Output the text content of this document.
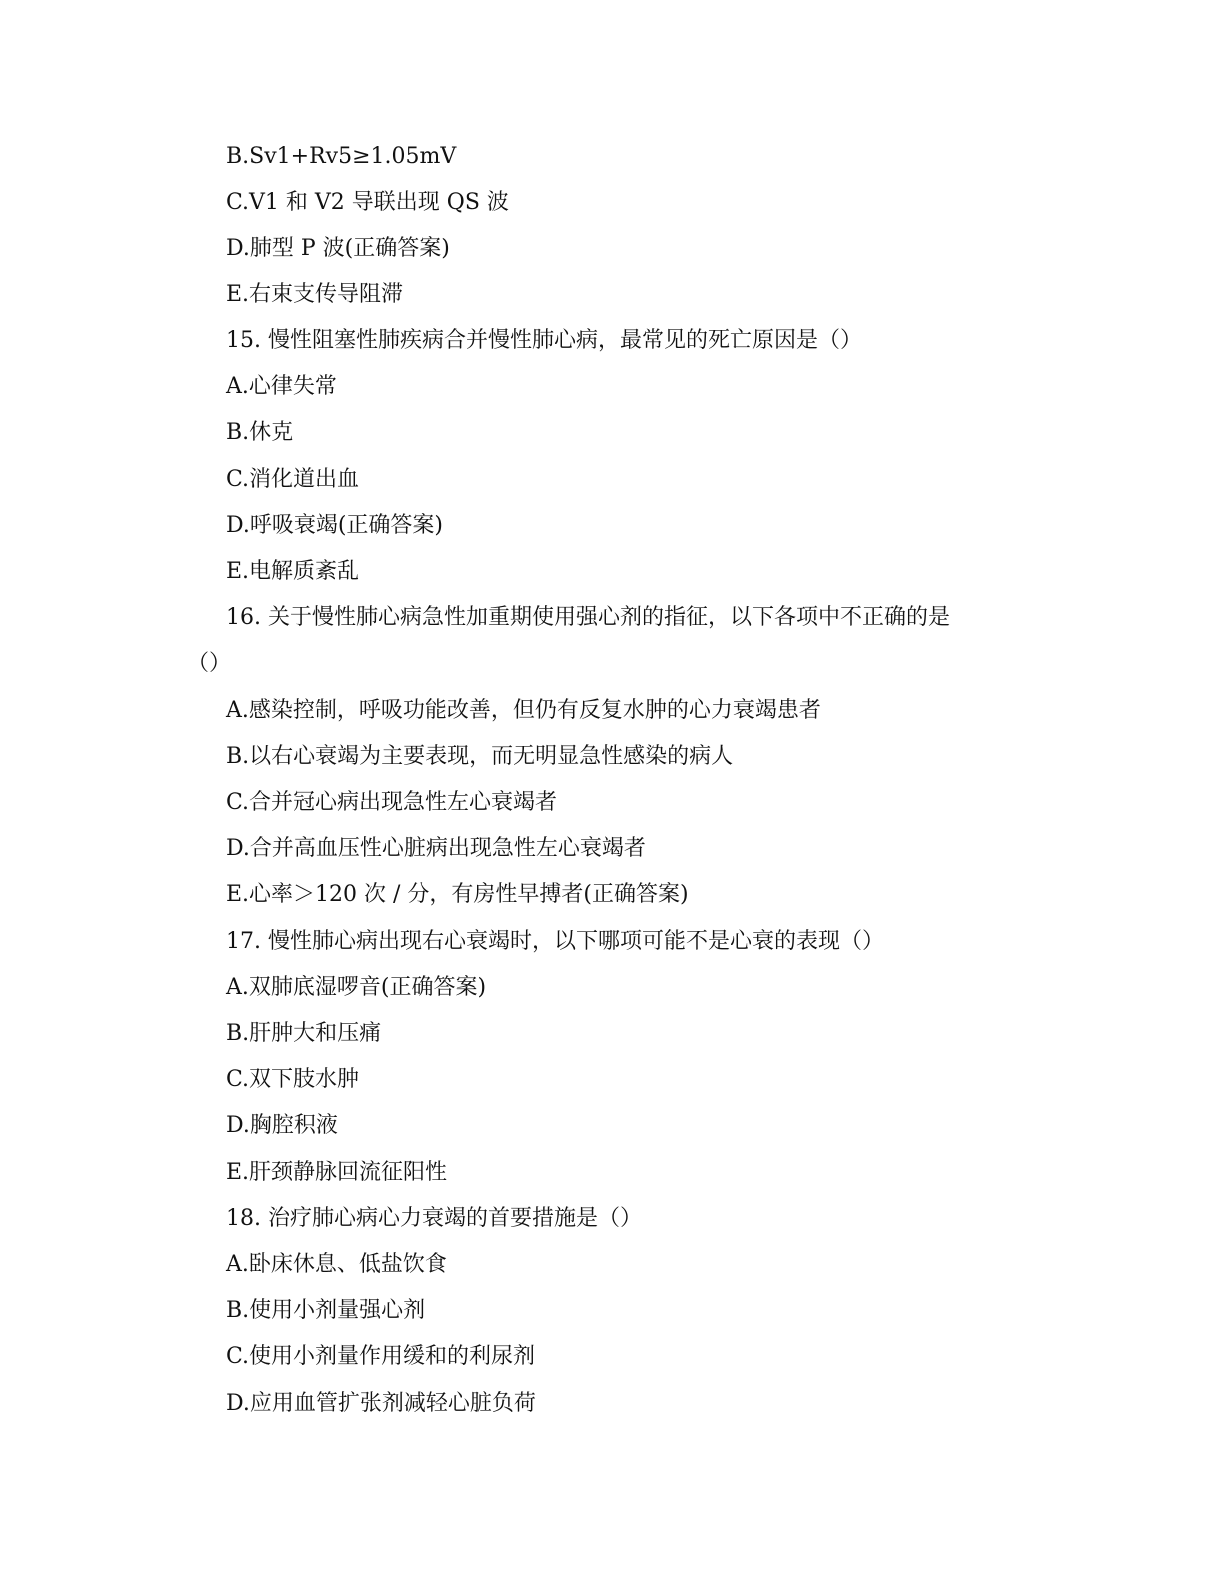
B.Sv1+Rv5≥1.05mV
C.V1 和 V2 导联出现 QS 波
D.肺型 P 波(正确答案)
E.右束支传导阻滞
15. 慢性阻塞性肺疾病合并慢性肺心病，最常见的死亡原因是（）
A.心律失常
B.休克
C.消化道出血
D.呼吸衰竭(正确答案)
E.电解质紊乱
16. 关于慢性肺心病急性加重期使用强心剂的指征，以下各项中不正确的是
（）
A.感染控制，呼吸功能改善，但仍有反复水肿的心力衰竭患者
B.以右心衰竭为主要表现，而无明显急性感染的病人
C.合并冠心病出现急性左心衰竭者
D.合并高血压性心脏病出现急性左心衰竭者
E.心率＞120 次 / 分，有房性早搏者(正确答案)
17. 慢性肺心病出现右心衰竭时，以下哪项可能不是心衰的表现（）
A.双肺底湿啰音(正确答案)
B.肝肿大和压痛
C.双下肢水肿
D.胸腔积液
E.肝颈静脉回流征阳性
18. 治疗肺心病心力衰竭的首要措施是（）
A.卧床休息、低盐饮食
B.使用小剂量强心剂
C.使用小剂量作用缓和的利尿剂
D.应用血管扩张剂减轻心脏负荷
